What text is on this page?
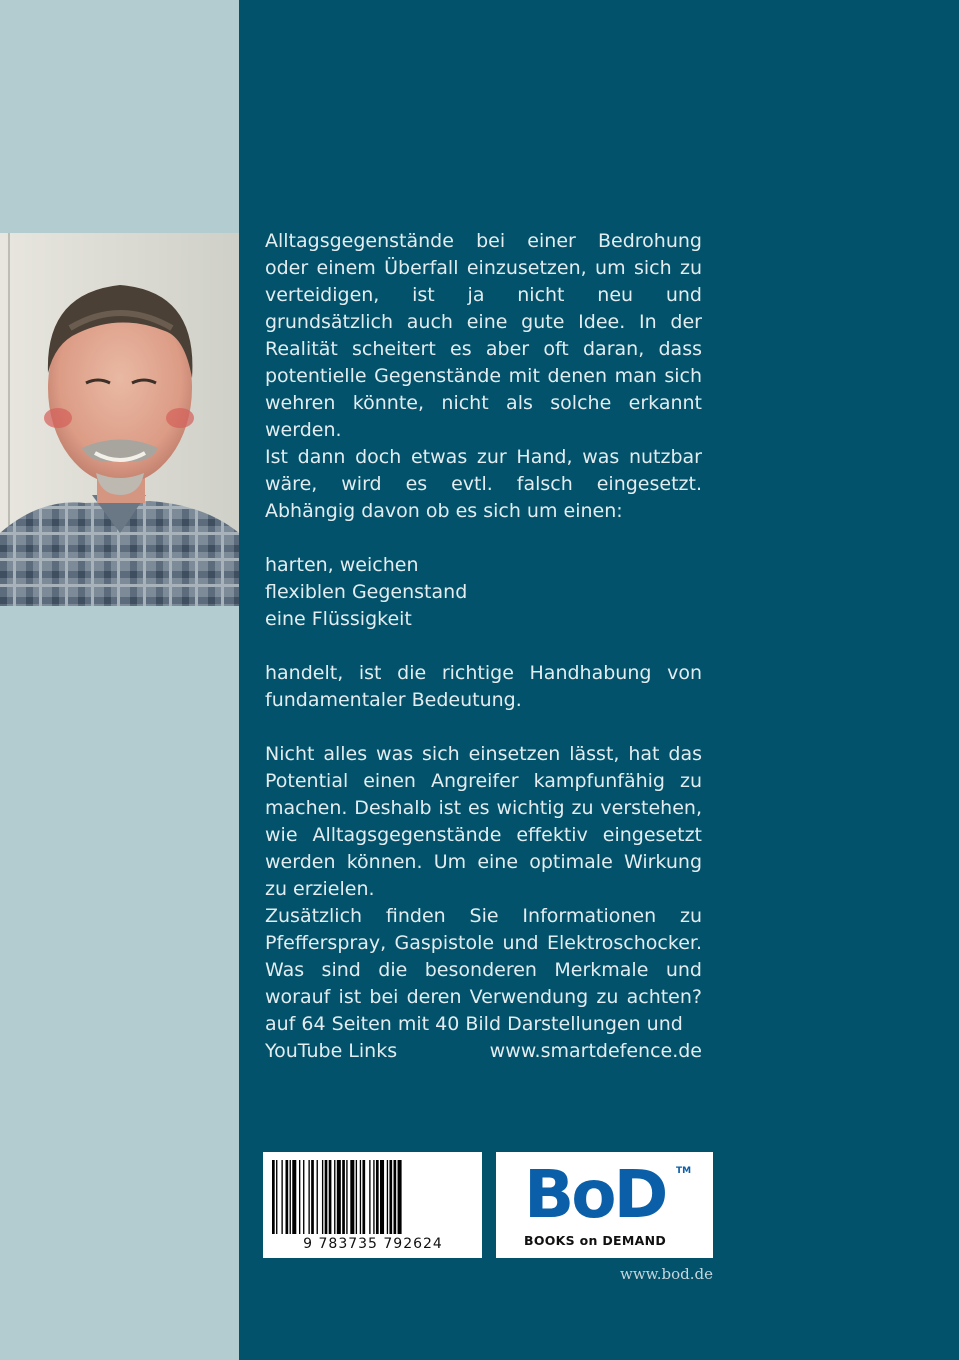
Alltagsgegenstände bei einer Bedrohung oder einem Überfall einzusetzen, um sich zu verteidigen, ist ja nicht neu und grundsätzlich auch eine gute Idee. In der Realität scheitert es aber oft daran, dass potentielle Gegenstände mit denen man sich wehren könnte, nicht als solche erkannt werden.

Ist dann doch etwas zur Hand, was nutzbar wäre, wird es evtl. falsch eingesetzt. Abhängig davon ob es sich um einen:

harten, weichen

flexiblen Gegenstand

eine Flüssigkeit

handelt, ist die richtige Handhabung von fundamentaler Bedeutung.

Nicht alles was sich einsetzen lässt, hat das Potential einen Angreifer kampfunfähig zu machen. Deshalb ist es wichtig zu verstehen, wie Alltagsgegenstände effektiv eingesetzt werden können. Um eine optimale Wirkung zu erzielen.

Zusätzlich finden Sie Informationen zu Pfefferspray, Gaspistole und Elektroschocker. Was sind die besonderen Merkmale und worauf ist bei deren Verwendung zu achten? auf 64 Seiten mit 40 Bild Darstellungen und

YouTube Links	www.smartdefence.de
9 783735 792624
BoD TM
BOOKS on DEMAND
www.bod.de
